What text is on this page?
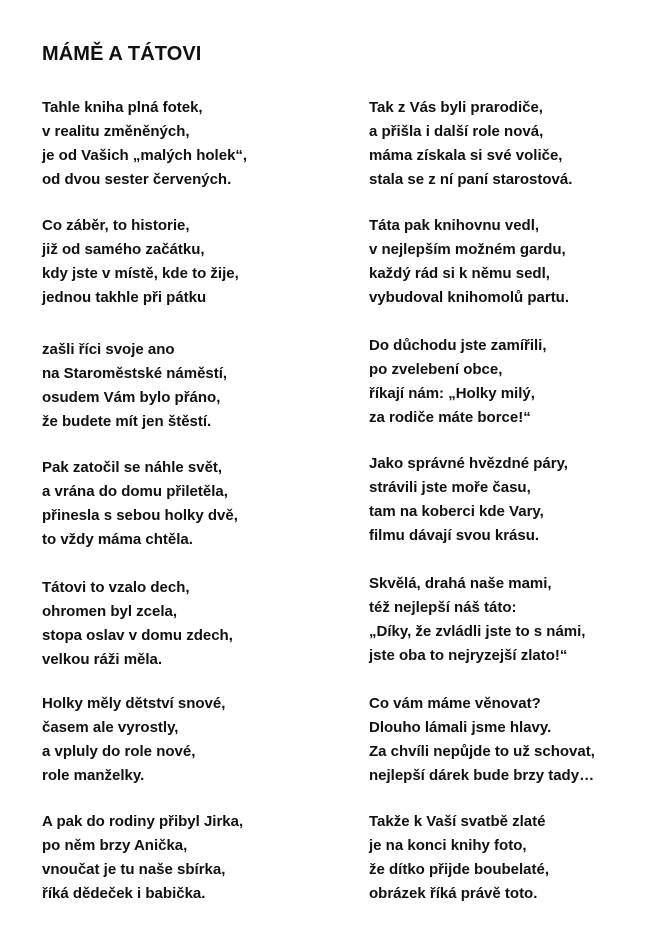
MÁMĚ A TÁTOVI
Tahle kniha plná fotek,
v realitu změněných,
je od Vašich „malých holek“,
od dvou sester červených.
Co záběr, to historie,
již od samého začátku,
kdy jste v místě, kde to žije,
jednou takhle při pátku
zašli říci svoje ano
na Staroměstské náměstí,
osudem Vám bylo přáno,
že budete mít jen štěstí.
Pak zatočil se náhle svět,
a vrána do domu přiletěla,
přinesla s sebou holky dvě,
to vždy máma chtěla.
Tátovi to vzalo dech,
ohromen byl zcela,
stopa oslav v domu zdech,
velkou ráži měla.
Holky měly dětství snové,
časem ale vyrostly,
a vpluly do role nové,
role manželky.
A pak do rodiny přibyl Jirka,
po něm brzy Anička,
vnoučat je tu naše sbírka,
říká dědeček i babička.
Tak z Vás byli prarodiče,
a přišla i další role nová,
máma získala si své voliče,
stala se z ní paní starostová.
Táta pak knihovnu vedl,
v nejlepším možném gardu,
každý rád si k němu sedl,
vybudoval knihomolů partu.
Do důchodu jste zamířili,
po zvelebení obce,
říkají nám: „Holky milý,
za rodiče máte borce!“
Jako správné hvězdné páry,
strávili jste moře času,
tam na koberci kde Vary,
filmu dávají svou krásu.
Skvělá, drahá naše mami,
též nejlepší náš táto:
„Díky, že zvládli jste to s námi,
jste oba to nejryzejší zlato!“
Co vám máme věnovat?
Dlouho lámali jsme hlavy.
Za chvíli nepůjde to už schovat,
nejlepší dárek bude brzy tady…
Takže k Vaší svatbě zlaté
je na konci knihy foto,
že dítko přijde boubelaté,
obrázek říká právě toto.
